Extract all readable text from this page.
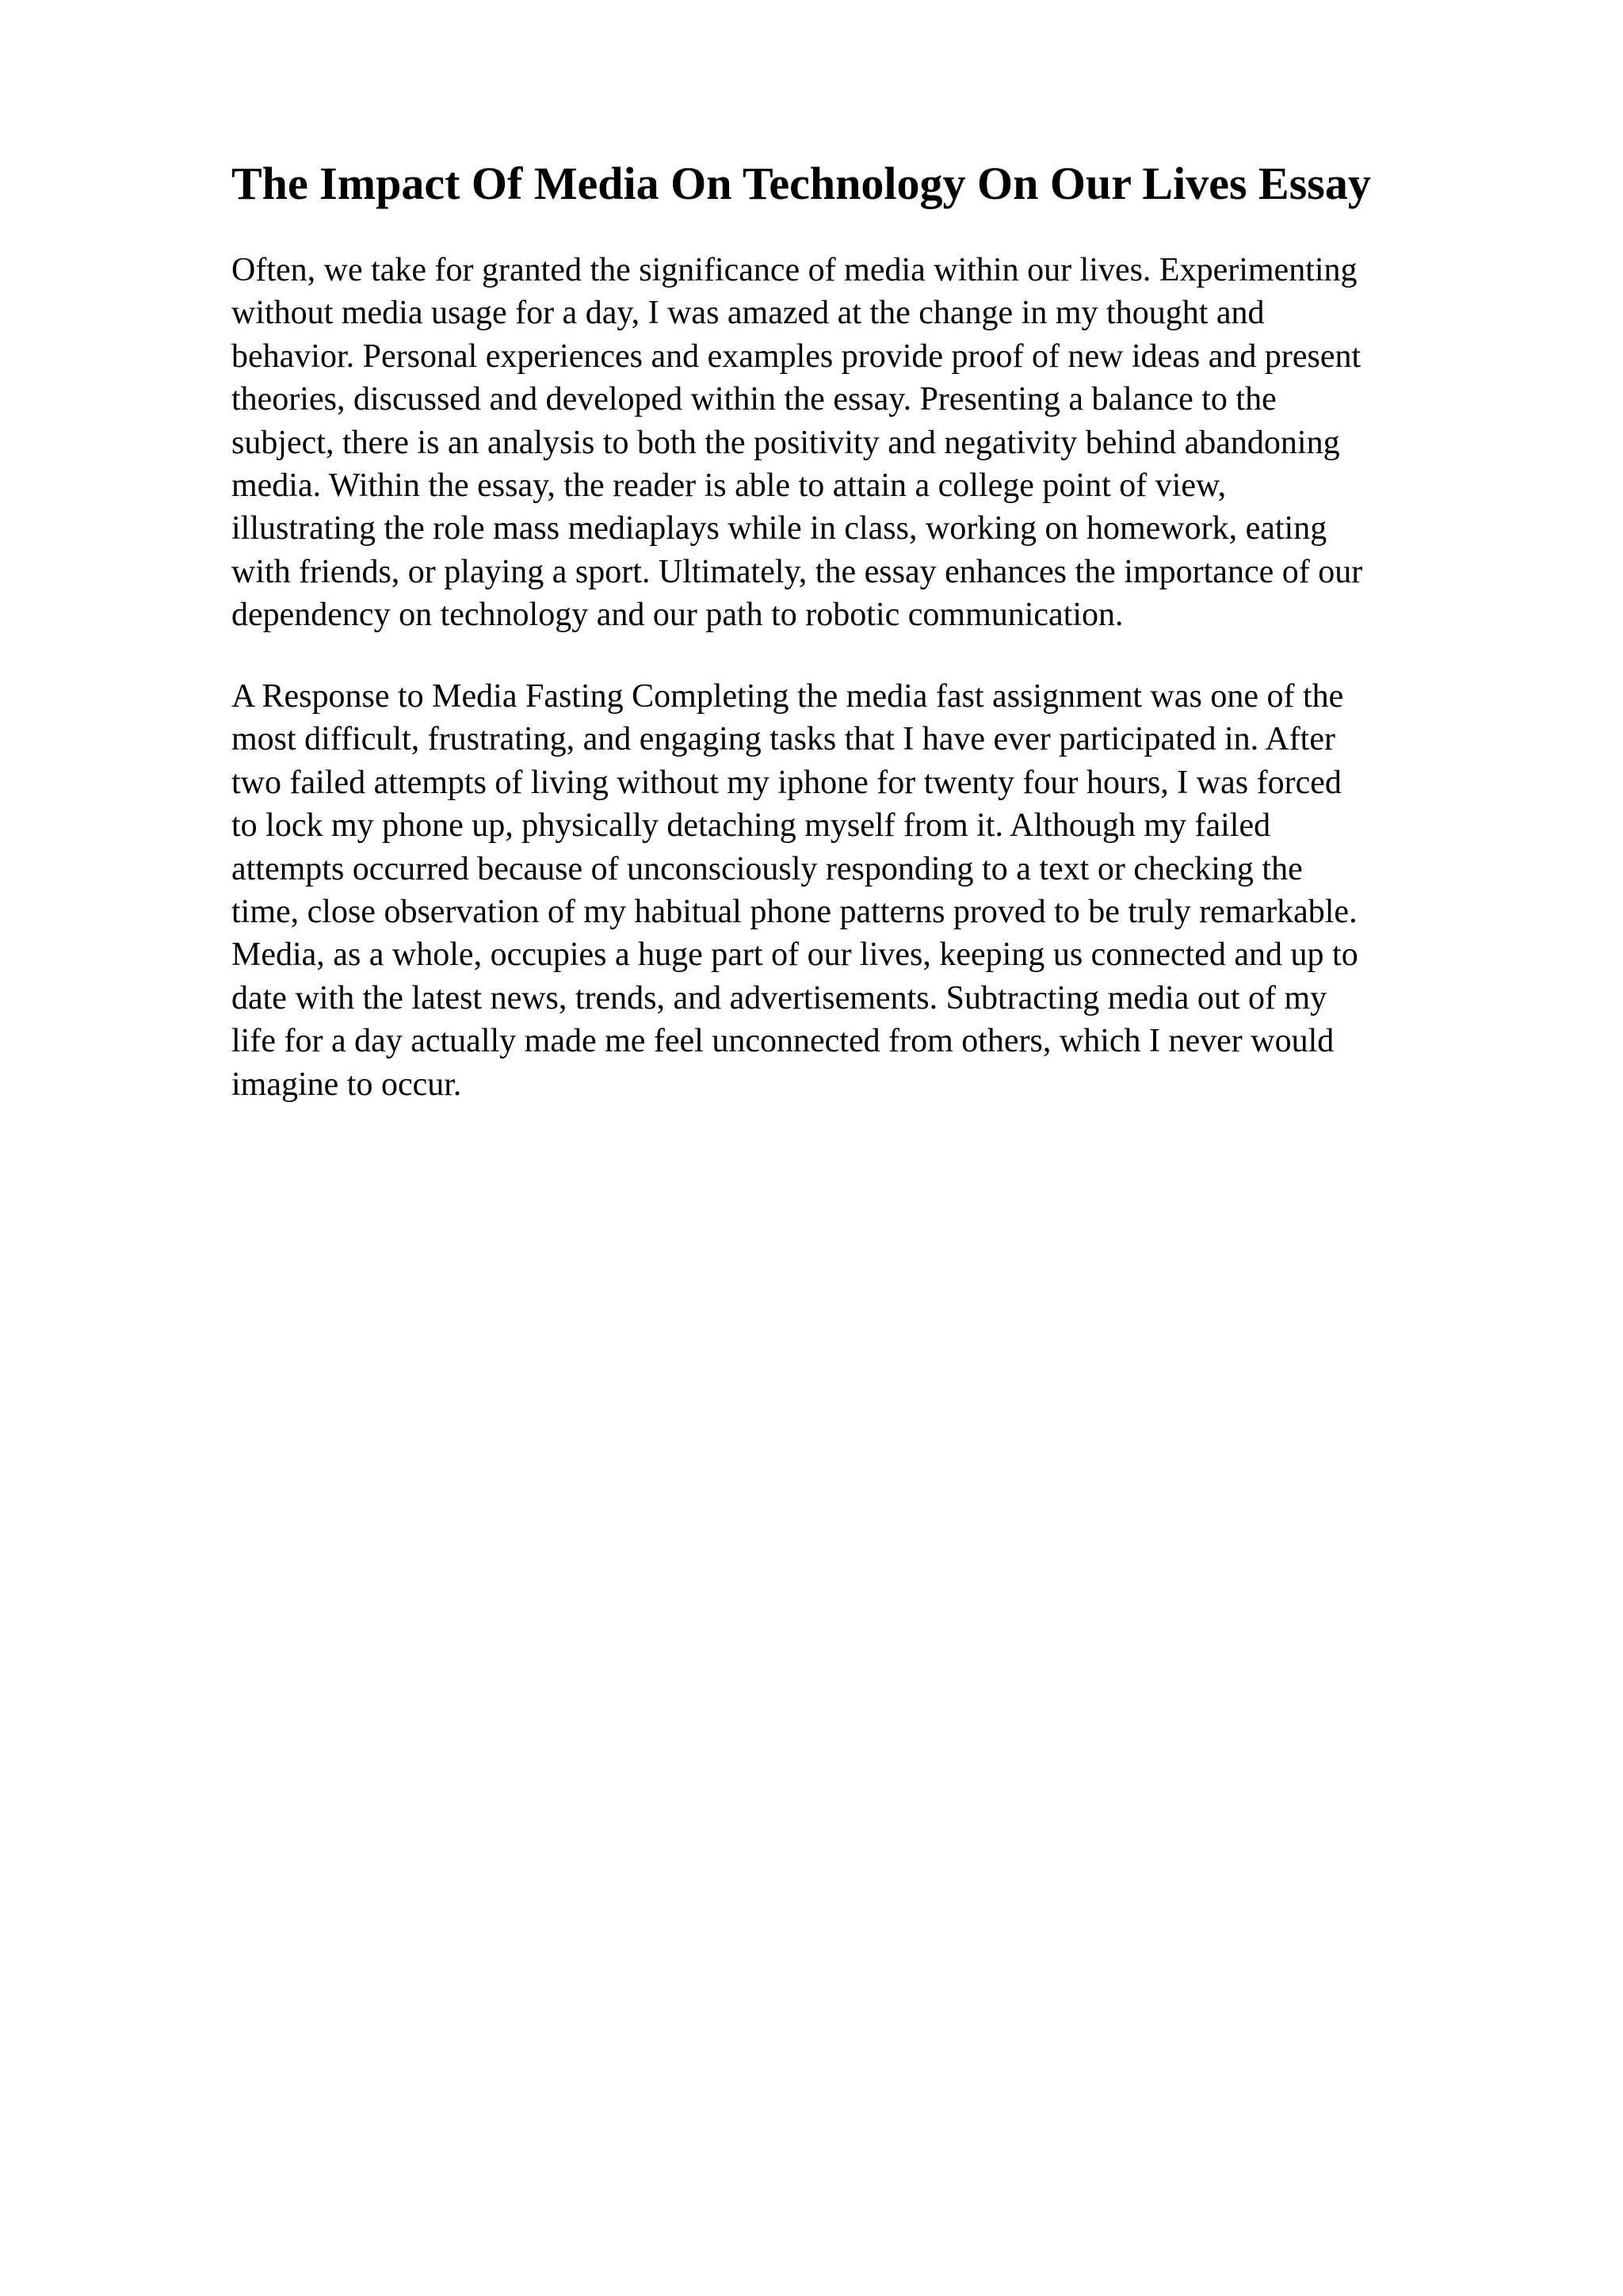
The Impact Of Media On Technology On Our Lives Essay
Often, we take for granted the significance of media within our lives. Experimenting
without media usage for a day, I was amazed at the change in my thought and
behavior. Personal experiences and examples provide proof of new ideas and present
theories, discussed and developed within the essay. Presenting a balance to the
subject, there is an analysis to both the positivity and negativity behind abandoning
media. Within the essay, the reader is able to attain a college point of view,
illustrating the role mass mediaplays while in class, working on homework, eating
with friends, or playing a sport. Ultimately, the essay enhances the importance of our
dependency on technology and our path to robotic communication.
A Response to Media Fasting Completing the media fast assignment was one of the
most difficult, frustrating, and engaging tasks that I have ever participated in. After
two failed attempts of living without my iphone for twenty four hours, I was forced
to lock my phone up, physically detaching myself from it. Although my failed
attempts occurred because of unconsciously responding to a text or checking the
time, close observation of my habitual phone patterns proved to be truly remarkable.
Media, as a whole, occupies a huge part of our lives, keeping us connected and up to
date with the latest news, trends, and advertisements. Subtracting media out of my
life for a day actually made me feel unconnected from others, which I never would
imagine to occur.
